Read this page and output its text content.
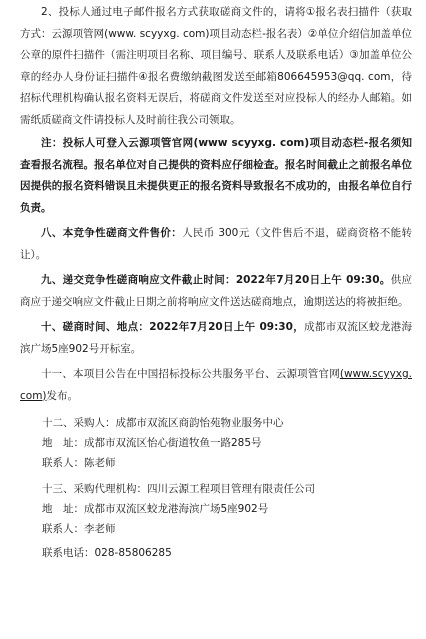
2、投标人通过电子邮件报名方式获取磋商文件的，请将①报名表扫描件（获取方式：云源项管网(www. scyyxg. com)项目动态栏-报名表）②单位介绍信加盖单位公章的原件扫描件（需注明项目名称、项目编号、联系人及联系电话）③加盖单位公章的经办人身份证扫描件④报名费缴纳截图发送至邮箱806645953@qq. com，待招标代理机构确认报名资料无误后，将磋商文件发送至对应投标人的经办人邮箱。如需纸质磋商文件请投标人及时前往我公司领取。

注：投标人可登入云源项管官网(www scyyxg. com)项目动态栏-报名须知查看报名流程。报名单位对自己提供的资料应仔细检查。报名时间截止之前报名单位因提供的报名资料错误且未提供更正的报名资料导致报名不成功的，由报名单位自行负责。

八、本竞争性磋商文件售价：人民币 300元（文件售后不退，磋商资格不能转让）。

九、递交竞争性磋商响应文件截止时间：2022年7月20日上午 09:30。供应商应于递交响应文件截止日期之前将响应文件送达磋商地点，逾期送达的将被拒绝。

十、磋商时间、地点：2022年7月20日上午 09:30，成都市双流区蛟龙港海滨广场5座902号开标室。

十一、本项目公告在中国招标投标公共服务平台、云源项管官网(www.scyyxg.com)发布。

十二、采购人：成都市双流区商韵怡苑物业服务中心

地　址：成都市双流区怡心街道牧鱼一路285号

联系人：陈老师

十三、采购代理机构：四川云源工程项目管理有限责任公司

地　址：成都市双流区蛟龙港海滨广场5座902号

联系人：李老师

联系电话：028-85806285
